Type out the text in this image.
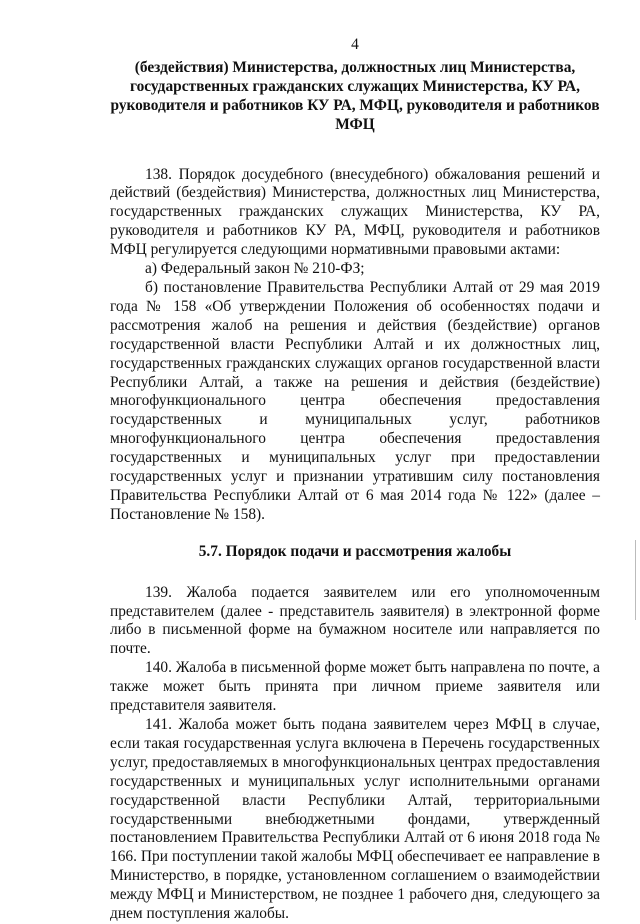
4
(бездействия) Министерства, должностных лиц Министерства, государственных гражданских служащих Министерства, КУ РА, руководителя и работников КУ РА, МФЦ, руководителя и работников МФЦ

138. Порядок досудебного (внесудебного) обжалования решений и действий (бездействия) Министерства, должностных лиц Министерства, государственных гражданских служащих Министерства, КУ РА, руководителя и работников КУ РА, МФЦ, руководителя и работников МФЦ регулируется следующими нормативными правовыми актами:

а) Федеральный закон № 210-ФЗ;

б) постановление Правительства Республики Алтай от 29 мая 2019 года № 158 «Об утверждении Положения об особенностях подачи и рассмотрения жалоб на решения и действия (бездействие) органов государственной власти Республики Алтай и их должностных лиц, государственных гражданских служащих органов государственной власти Республики Алтай, а также на решения и действия (бездействие) многофункционального центра обеспечения предоставления государственных и муниципальных услуг, работников многофункционального центра обеспечения предоставления государственных и муниципальных услуг при предоставлении государственных услуг и признании утратившим силу постановления Правительства Республики Алтай от 6 мая 2014 года № 122» (далее – Постановление № 158).

5.7. Порядок подачи и рассмотрения жалобы

139. Жалоба подается заявителем или его уполномоченным представителем (далее - представитель заявителя) в электронной форме либо в письменной форме на бумажном носителе или направляется по почте.

140. Жалоба в письменной форме может быть направлена по почте, а также может быть принята при личном приеме заявителя или представителя заявителя.

141. Жалоба может быть подана заявителем через МФЦ в случае, если такая государственная услуга включена в Перечень государственных услуг, предоставляемых в многофункциональных центрах предоставления государственных и муниципальных услуг исполнительными органами государственной власти Республики Алтай, территориальными государственными внебюджетными фондами, утвержденный постановлением Правительства Республики Алтай от 6 июня 2018 года № 166. При поступлении такой жалобы МФЦ обеспечивает ее направление в Министерство, в порядке, установленном соглашением о взаимодействии между МФЦ и Министерством, не позднее 1 рабочего дня, следующего за днем поступления жалобы.
